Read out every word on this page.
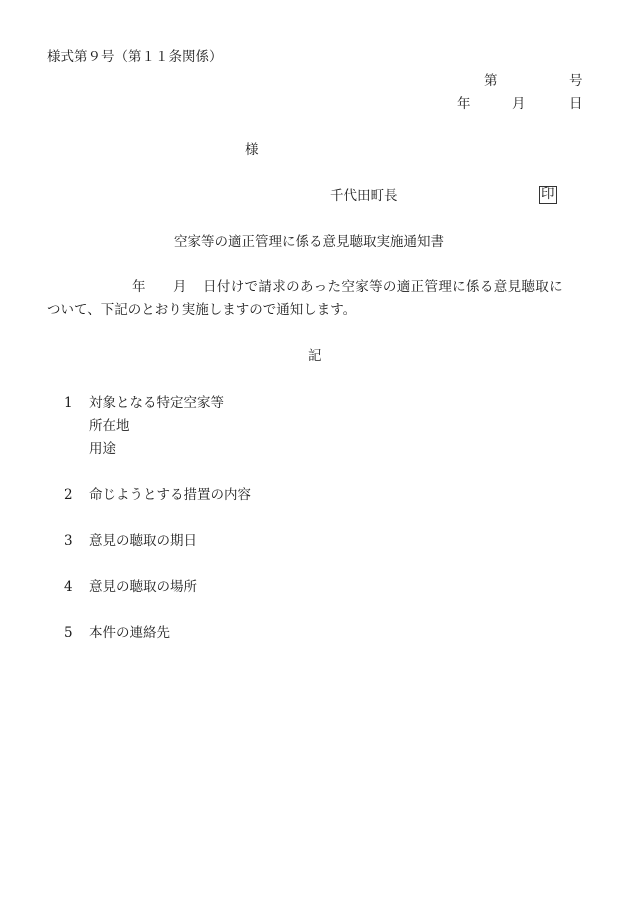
様式第９号（第１１条関係）
第	号
年	月	日
様
千代田町長	印
空家等の適正管理に係る意見聴取実施通知書
年 月 日付けで請求のあった空家等の適正管理に係る意見聴取に
ついて、下記のとおり実施しますので通知します。
記
1 対象となる特定空家等
所在地
用途
2 命じようとする措置の内容
3 意見の聴取の期日
4 意見の聴取の場所
5 本件の連絡先
